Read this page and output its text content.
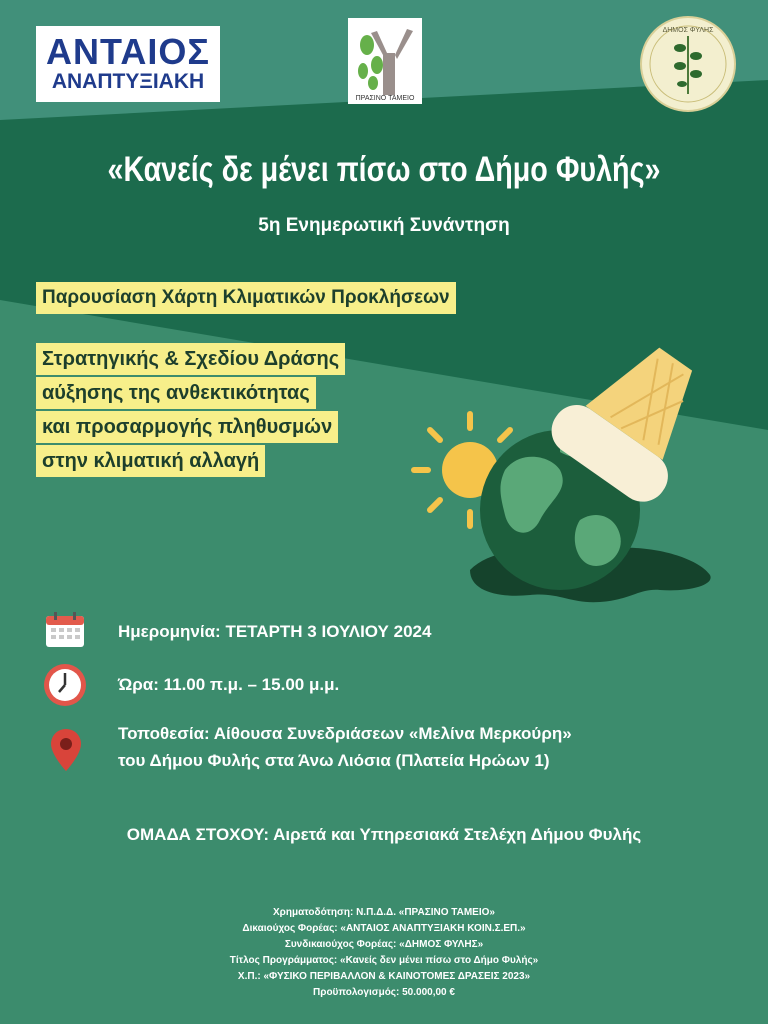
ΑΝΤΑΙΟΣ
ΑΝΑΠΤΥΞΙΑΚΗ
ΠΡΑΣΙΝΟ ΤΑΜΕΙΟ
ΔΗΜΟΣ ΦΥΛΗΣ
«Κανείς δε μένει πίσω στο Δήμο Φυλής»
5η Ενημερωτική Συνάντηση
Παρουσίαση Χάρτη Κλιματικών Προκλήσεων
Στρατηγικής & Σχεδίου Δράσης
αύξησης της ανθεκτικότητας
και προσαρμογής πληθυσμών
στην κλιματική αλλαγή
Ημερομηνία: ΤΕΤΑΡΤΗ 3 ΙΟΥΛΙΟΥ 2024
Ώρα: 11.00 π.μ. – 15.00 μ.μ.
Τοποθεσία: Αίθουσα Συνεδριάσεων «Μελίνα Μερκούρη»
του Δήμου Φυλής στα Άνω Λιόσια (Πλατεία Ηρώων 1)
ΟΜΑΔΑ ΣΤΟΧΟΥ: Αιρετά και Υπηρεσιακά Στελέχη Δήμου Φυλής
Χρηματοδότηση: Ν.Π.Δ.Δ. «ΠΡΑΣΙΝΟ ΤΑΜΕΙΟ»
Δικαιούχος Φορέας: «ΑΝΤΑΙΟΣ ΑΝΑΠΤΥΞΙΑΚΗ ΚΟΙΝ.Σ.ΕΠ.»
Συνδικαιούχος Φορέας: «ΔΗΜΟΣ ΦΥΛΗΣ»
Τίτλος Προγράμματος: «Κανείς δεν μένει πίσω στο Δήμο Φυλής»
Χ.Π.: «ΦΥΣΙΚΟ ΠΕΡΙΒΑΛΛΟΝ & ΚΑΙΝΟΤΟΜΕΣ ΔΡΑΣΕΙΣ 2023»
Προϋπολογισμός: 50.000,00 €
